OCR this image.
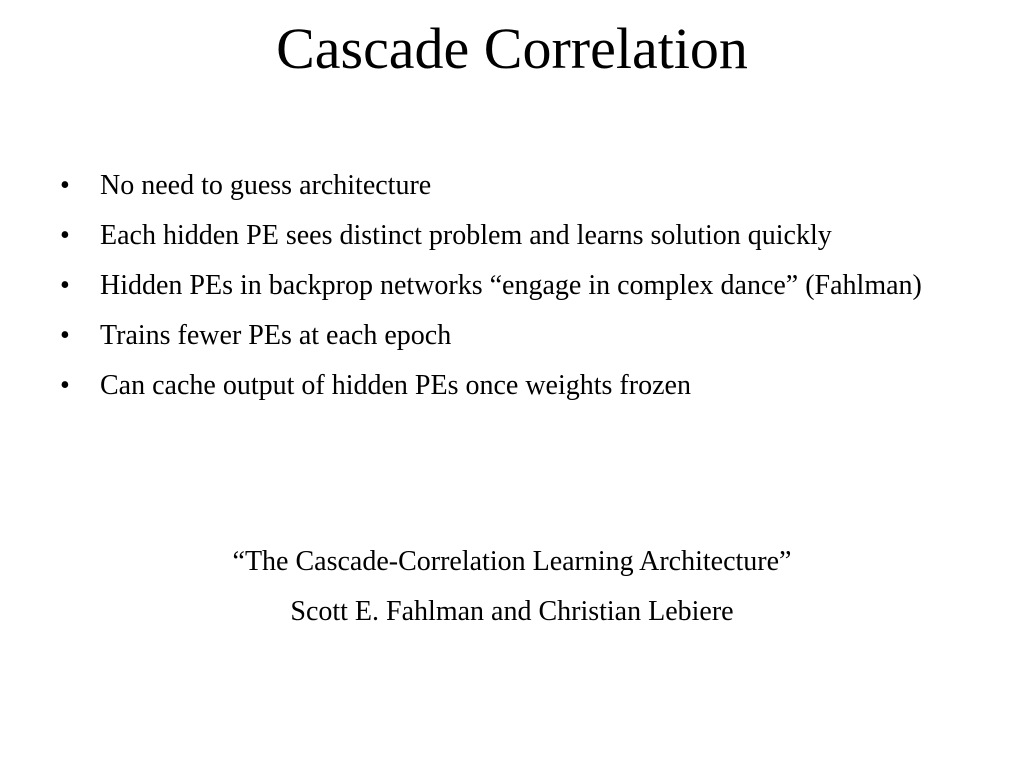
Cascade Correlation
•	No need to guess architecture
•	Each hidden PE sees distinct problem and learns solution quickly
•	Hidden PEs in backprop networks “engage in complex dance” (Fahlman)
•	Trains fewer PEs at each epoch
•	Can cache output of hidden PEs once weights frozen
“The Cascade-Correlation Learning Architecture”
Scott E. Fahlman and Christian Lebiere
